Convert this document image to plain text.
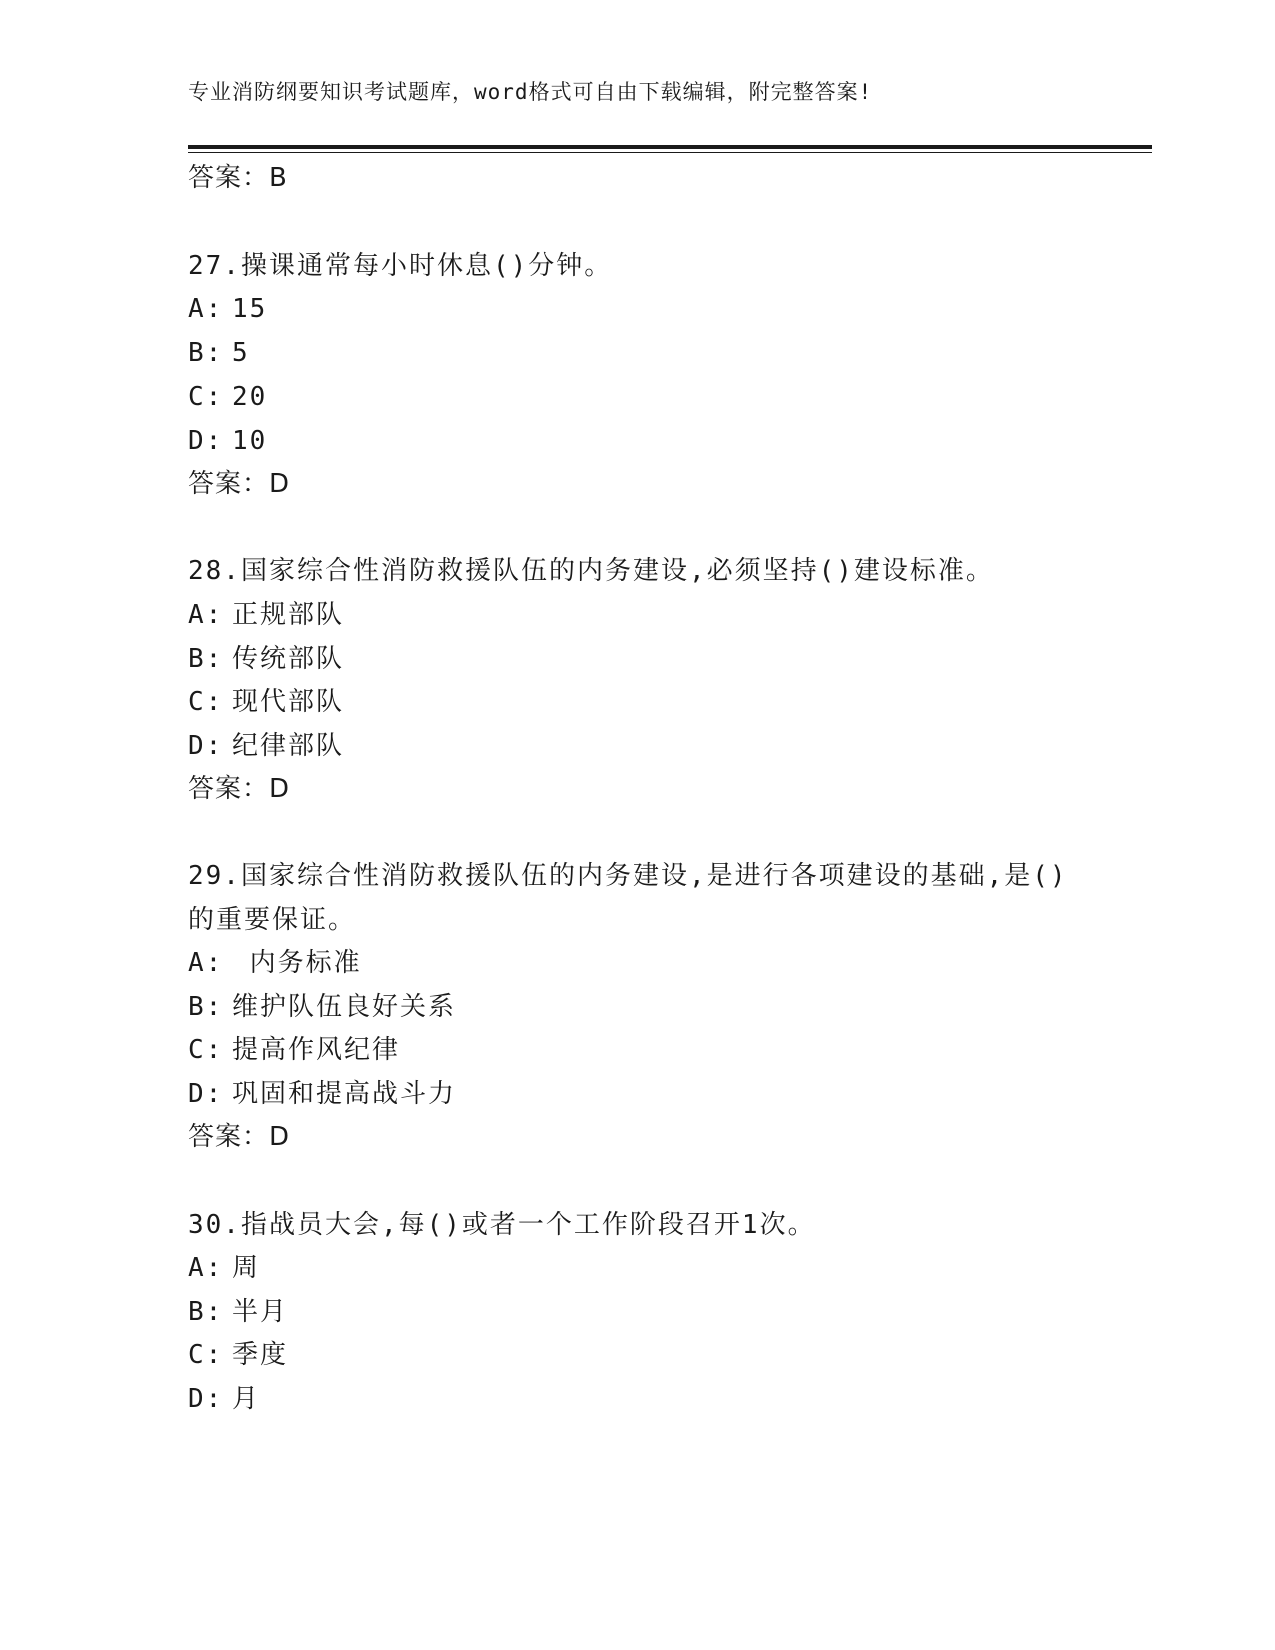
专业消防纲要知识考试题库，word格式可自由下载编辑，附完整答案!
答案：B
27.操课通常每小时休息()分钟。
A: 15
B: 5
C: 20
D: 10
答案：D
28.国家综合性消防救援队伍的内务建设,必须坚持()建设标准。
A: 正规部队
B: 传统部队
C: 现代部队
D: 纪律部队
答案：D
29.国家综合性消防救援队伍的内务建设,是进行各项建设的基础,是()
的重要保证。
A: 内务标准
B: 维护队伍良好关系
C: 提高作风纪律
D: 巩固和提高战斗力
答案：D
30.指战员大会,每()或者一个工作阶段召开1次。
A: 周
B: 半月
C: 季度
D: 月
